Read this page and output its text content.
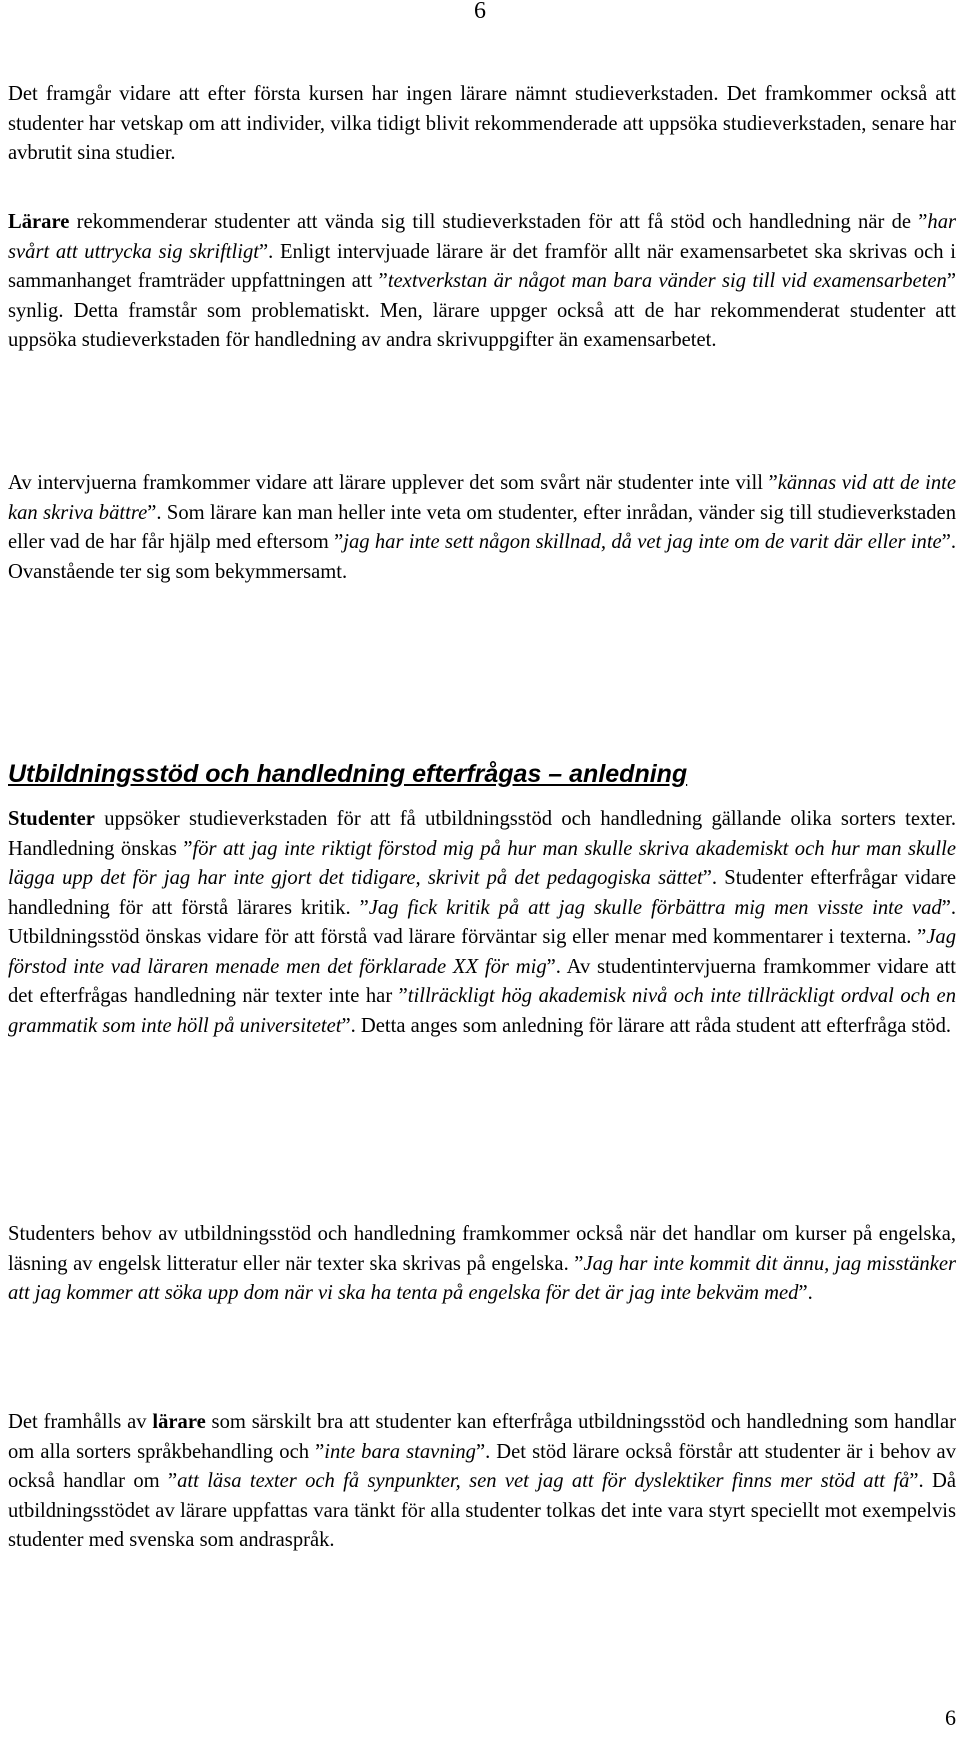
6

Det framgår vidare att efter första kursen har ingen lärare nämnt studieverkstaden. Det framkommer också att studenter har vetskap om att individer, vilka tidigt blivit rekommenderade att uppsöka studieverkstaden, senare har avbrutit sina studier.

Lärare rekommenderar studenter att vända sig till studieverkstaden för att få stöd och handledning när de ”har svårt att uttrycka sig skriftligt”. Enligt intervjuade lärare är det framför allt när examensarbetet ska skrivas och i sammanhanget framträder uppfattningen att ”textverkstan är något man bara vänder sig till vid examensarbeten” synlig. Detta framstår som problematiskt. Men, lärare uppger också att de har rekommenderat studenter att uppsöka studieverkstaden för handledning av andra skrivuppgifter än examensarbetet.

Av intervjuerna framkommer vidare att lärare upplever det som svårt när studenter inte vill ”kännas vid att de inte kan skriva bättre”. Som lärare kan man heller inte veta om studenter, efter inrådan, vänder sig till studieverkstaden eller vad de har får hjälp med eftersom ”jag har inte sett någon skillnad, då vet jag inte om de varit där eller inte”. Ovanstående ter sig som bekymmersamt.

Utbildningsstöd och handledning efterfrågas – anledning

Studenter uppsöker studieverkstaden för att få utbildningsstöd och handledning gällande olika sorters texter. Handledning önskas ”för att jag inte riktigt förstod mig på hur man skulle skriva akademiskt och hur man skulle lägga upp det för jag har inte gjort det tidigare, skrivit på det pedagogiska sättet”. Studenter efterfrågar vidare handledning för att förstå lärares kritik. ”Jag fick kritik på att jag skulle förbättra mig men visste inte vad”. Utbildningsstöd önskas vidare för att förstå vad lärare förväntar sig eller menar med kommentarer i texterna. ”Jag förstod inte vad läraren menade men det förklarade XX för mig”. Av studentintervjuerna framkommer vidare att det efterfrågas handledning när texter inte har ”tillräckligt hög akademisk nivå och inte tillräckligt ordval och en grammatik som inte höll på universitetet”. Detta anges som anledning för lärare att råda student att efterfråga stöd.

Studenters behov av utbildningsstöd och handledning framkommer också när det handlar om kurser på engelska, läsning av engelsk litteratur eller när texter ska skrivas på engelska. ”Jag har inte kommit dit ännu, jag misstänker att jag kommer att söka upp dom när vi ska ha tenta på engelska för det är jag inte bekväm med”.

Det framhålls av lärare som särskilt bra att studenter kan efterfråga utbildningsstöd och handledning som handlar om alla sorters språkbehandling och ”inte bara stavning”. Det stöd lärare också förstår att studenter är i behov av också handlar om ”att läsa texter och få synpunkter, sen vet jag att för dyslektiker finns mer stöd att få”. Då utbildningsstödet av lärare uppfattas vara tänkt för alla studenter tolkas det inte vara styrt speciellt mot exempelvis studenter med svenska som andraspråk.

6
